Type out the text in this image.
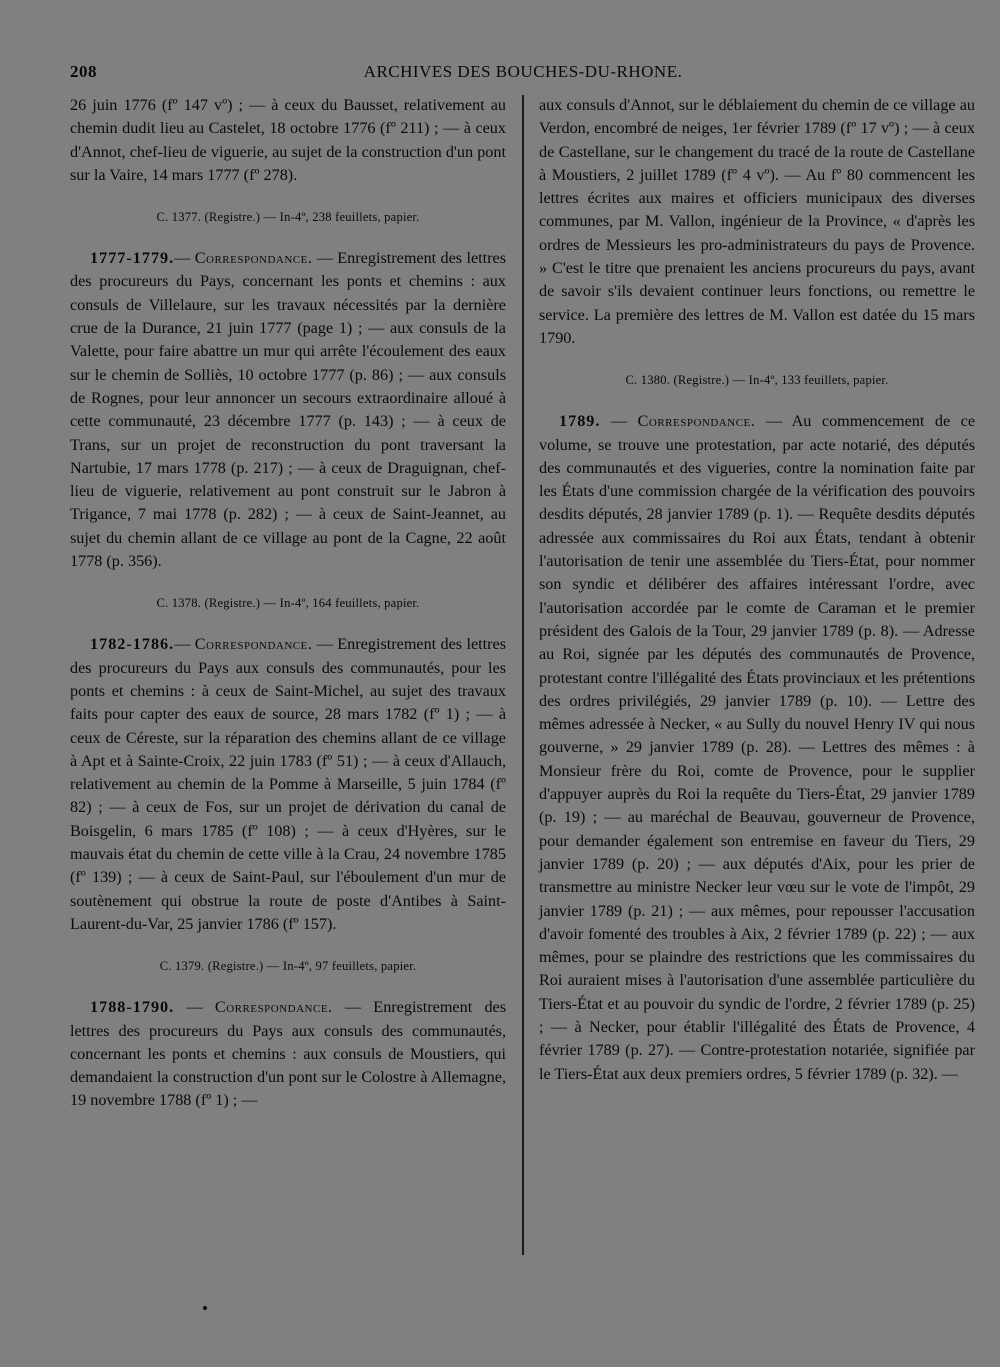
208	ARCHIVES DES BOUCHES-DU-RHONE.

26 juin 1776 (fº 147 vº) ; — à ceux du Bausset, relativement au chemin dudit lieu au Castelet, 18 octobre 1776 (fº 211) ; — à ceux d'Annot, chef-lieu de viguerie, au sujet de la construction d'un pont sur la Vaire, 14 mars 1777 (fº 278).

C. 1377. (Registre.) — In-4º, 238 feuillets, papier.

1777-1779.— Correspondance. — Enregistrement des lettres des procureurs du Pays, concernant les ponts et chemins : aux consuls de Villelaure, sur les travaux nécessités par la dernière crue de la Durance, 21 juin 1777 (page 1) ; — aux consuls de la Valette, pour faire abattre un mur qui arrête l'écoulement des eaux sur le chemin de Solliès, 10 octobre 1777 (p. 86) ; — aux consuls de Rognes, pour leur annoncer un secours extraordinaire alloué à cette communauté, 23 décembre 1777 (p. 143) ; — à ceux de Trans, sur un projet de reconstruction du pont traversant la Nartubie, 17 mars 1778 (p. 217) ; — à ceux de Draguignan, chef-lieu de viguerie, relativement au pont construit sur le Jabron à Trigance, 7 mai 1778 (p. 282) ; — à ceux de Saint-Jeannet, au sujet du chemin allant de ce village au pont de la Cagne, 22 août 1778 (p. 356).

C. 1378. (Registre.) — In-4º, 164 feuillets, papier.

1782-1786.— Correspondance. — Enregistrement des lettres des procureurs du Pays aux consuls des communautés, pour les ponts et chemins : à ceux de Saint-Michel, au sujet des travaux faits pour capter des eaux de source, 28 mars 1782 (fº 1) ; — à ceux de Céreste, sur la réparation des chemins allant de ce village à Apt et à Sainte-Croix, 22 juin 1783 (fº 51) ; — à ceux d'Allauch, relativement au chemin de la Pomme à Marseille, 5 juin 1784 (fº 82) ; — à ceux de Fos, sur un projet de dérivation du canal de Boisgelin, 6 mars 1785 (fº 108) ; — à ceux d'Hyères, sur le mauvais état du chemin de cette ville à la Crau, 24 novembre 1785 (fº 139) ; — à ceux de Saint-Paul, sur l'éboulement d'un mur de soutènement qui obstrue la route de poste d'Antibes à Saint-Laurent-du-Var, 25 janvier 1786 (fº 157).

C. 1379. (Registre.) — In-4º, 97 feuillets, papier.

1788-1790. — Correspondance. — Enregistrement des lettres des procureurs du Pays aux consuls des communautés, concernant les ponts et chemins : aux consuls de Moustiers, qui demandaient la construction d'un pont sur le Colostre à Allemagne, 19 novembre 1788 (fº 1) ; —

aux consuls d'Annot, sur le déblaiement du chemin de ce village au Verdon, encombré de neiges, 1er février 1789 (fº 17 vº) ; — à ceux de Castellane, sur le changement du tracé de la route de Castellane à Moustiers, 2 juillet 1789 (fº 4 vº). — Au fº 80 commencent les lettres écrites aux maires et officiers municipaux des diverses communes, par M. Vallon, ingénieur de la Province, « d'après les ordres de Messieurs les pro-administrateurs du pays de Provence. » C'est le titre que prenaient les anciens procureurs du pays, avant de savoir s'ils devaient continuer leurs fonctions, ou remettre le service. La première des lettres de M. Vallon est datée du 15 mars 1790.

C. 1380. (Registre.) — In-4º, 133 feuillets, papier.

1789. — Correspondance. — Au commencement de ce volume, se trouve une protestation, par acte notarié, des députés des communautés et des vigueries, contre la nomination faite par les États d'une commission chargée de la vérification des pouvoirs desdits députés, 28 janvier 1789 (p. 1). — Requête desdits députés adressée aux commissaires du Roi aux États, tendant à obtenir l'autorisation de tenir une assemblée du Tiers-État, pour nommer son syndic et délibérer des affaires intéressant l'ordre, avec l'autorisation accordée par le comte de Caraman et le premier président des Galois de la Tour, 29 janvier 1789 (p. 8). — Adresse au Roi, signée par les députés des communautés de Provence, protestant contre l'illégalité des États provinciaux et les prétentions des ordres privilégiés, 29 janvier 1789 (p. 10). — Lettre des mêmes adressée à Necker, « au Sully du nouvel Henry IV qui nous gouverne, » 29 janvier 1789 (p. 28). — Lettres des mêmes : à Monsieur frère du Roi, comte de Provence, pour le supplier d'appuyer auprès du Roi la requête du Tiers-État, 29 janvier 1789 (p. 19) ; — au maréchal de Beauvau, gouverneur de Provence, pour demander également son entremise en faveur du Tiers, 29 janvier 1789 (p. 20) ; — aux députés d'Aix, pour les prier de transmettre au ministre Necker leur vœu sur le vote de l'impôt, 29 janvier 1789 (p. 21) ; — aux mêmes, pour repousser l'accusation d'avoir fomenté des troubles à Aix, 2 février 1789 (p. 22) ; — aux mêmes, pour se plaindre des restrictions que les commissaires du Roi auraient mises à l'autorisation d'une assemblée particulière du Tiers-État et au pouvoir du syndic de l'ordre, 2 février 1789 (p. 25) ; — à Necker, pour établir l'illégalité des États de Provence, 4 février 1789 (p. 27). — Contre-protestation notariée, signifiée par le Tiers-État aux deux premiers ordres, 5 février 1789 (p. 32). —
